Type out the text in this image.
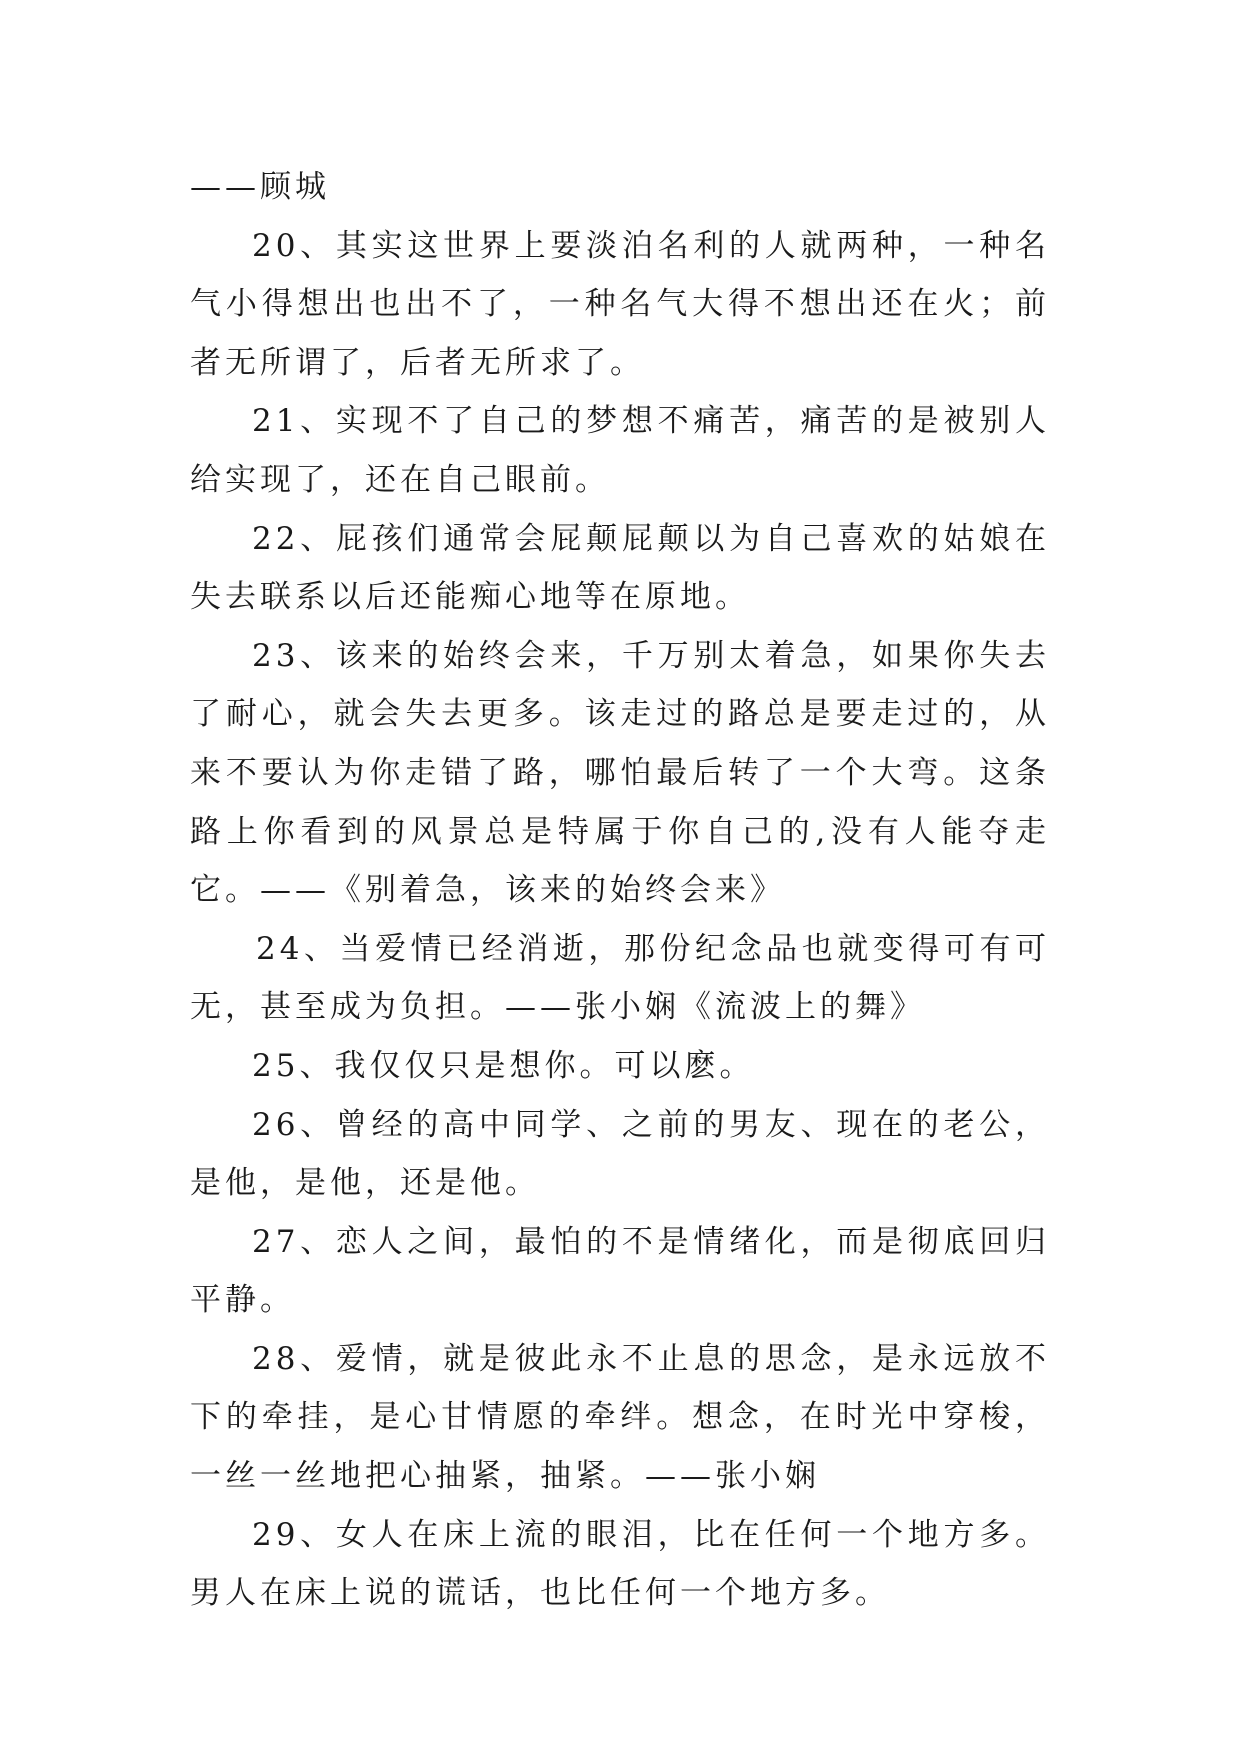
——顾城

20、其实这世界上要淡泊名利的人就两种，一种名气小得想出也出不了，一种名气大得不想出还在火；前者无所谓了，后者无所求了。

21、实现不了自己的梦想不痛苦，痛苦的是被别人给实现了，还在自己眼前。

22、屁孩们通常会屁颠屁颠以为自己喜欢的姑娘在失去联系以后还能痴心地等在原地。

23、该来的始终会来，千万别太着急，如果你失去了耐心，就会失去更多。该走过的路总是要走过的，从来不要认为你走错了路，哪怕最后转了一个大弯。这条路上你看到的风景总是特属于你自己的,没有人能夺走它。——《别着急，该来的始终会来》

24、当爱情已经消逝，那份纪念品也就变得可有可无，甚至成为负担。——张小娴《流波上的舞》

25、我仅仅只是想你。可以麽。

26、曾经的高中同学、之前的男友、现在的老公，是他，是他，还是他。

27、恋人之间，最怕的不是情绪化，而是彻底回归平静。

28、爱情，就是彼此永不止息的思念，是永远放不下的牵挂，是心甘情愿的牵绊。想念，在时光中穿梭，一丝一丝地把心抽紧，抽紧。——张小娴

29、女人在床上流的眼泪，比在任何一个地方多。男人在床上说的谎话，也比任何一个地方多。
